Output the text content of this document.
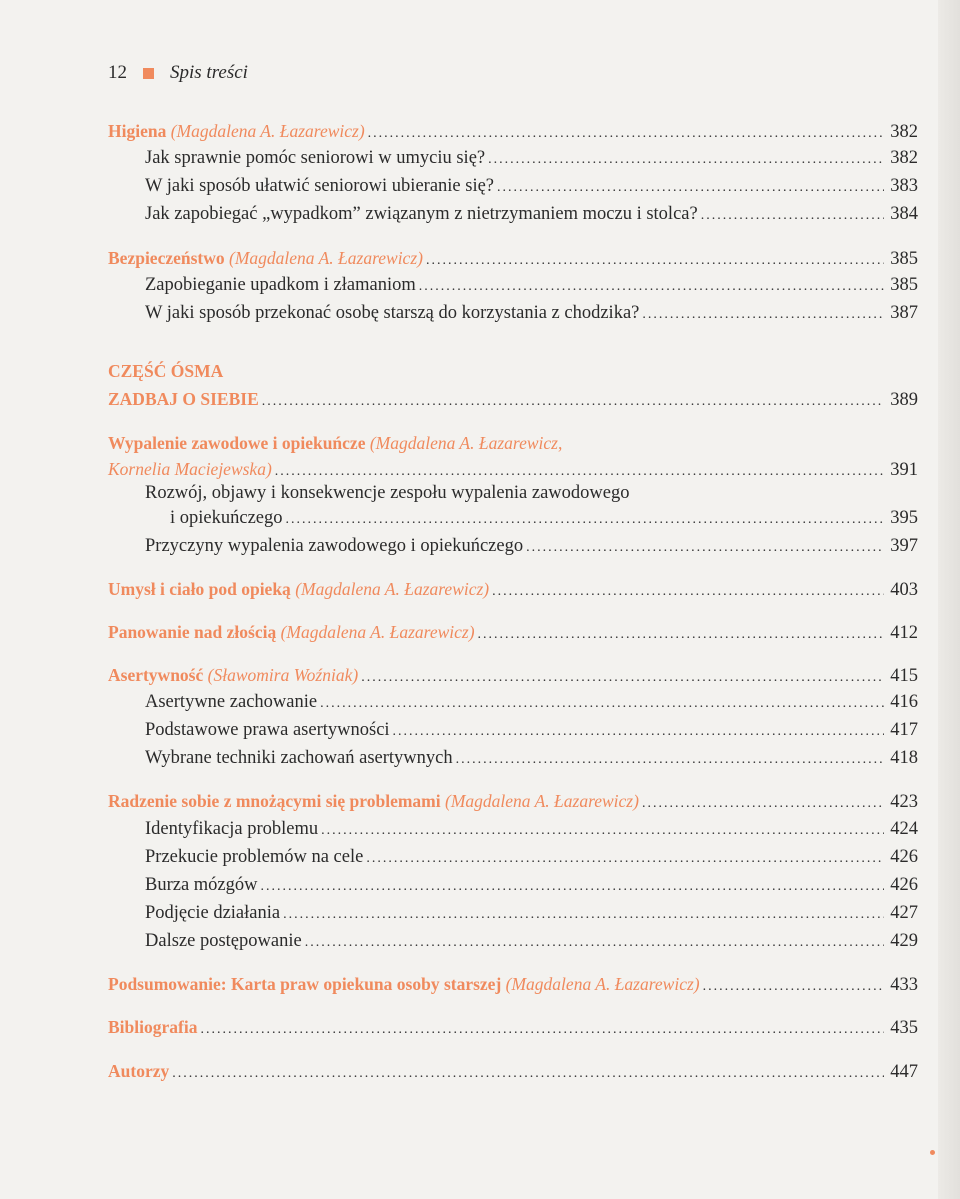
12 Spis treści
Higiena (Magdalena A. Łazarewicz) .....	382
Jak sprawnie pomóc seniorowi w umyciu się? .....	382
W jaki sposób ułatwić seniorowi ubieranie się? .....	383
Jak zapobiegać „wypadkom” związanym z nietrzymaniem moczu i stolca? .....	384
Bezpieczeństwo (Magdalena A. Łazarewicz) .....	385
Zapobieganie upadkom i złamaniom .....	385
W jaki sposób przekonać osobę starszą do korzystania z chodzika? .....	387
CZĘŚĆ ÓSMA
ZADBAJ O SIEBIE .....	389
Wypalenie zawodowe i opiekuńcze (Magdalena A. Łazarewicz,
Kornelia Maciejewska) .....	391
Rozwój, objawy i konsekwencje zespołu wypalenia zawodowego
i opiekuńczego .....	395
Przyczyny wypalenia zawodowego i opiekuńczego .....	397
Umysł i ciało pod opieką (Magdalena A. Łazarewicz) .....	403
Panowanie nad złością (Magdalena A. Łazarewicz) .....	412
Asertywność (Sławomira Woźniak) .....	415
Asertywne zachowanie .....	416
Podstawowe prawa asertywności .....	417
Wybrane techniki zachowań asertywnych .....	418
Radzenie sobie z mnożącymi się problemami (Magdalena A. Łazarewicz) .....	423
Identyfikacja problemu .....	424
Przekucie problemów na cele .....	426
Burza mózgów .....	426
Podjęcie działania .....	427
Dalsze postępowanie .....	429
Podsumowanie: Karta praw opiekuna osoby starszej (Magdalena A. Łazarewicz) .....	433
Bibliografia .....	435
Autorzy .....	447
